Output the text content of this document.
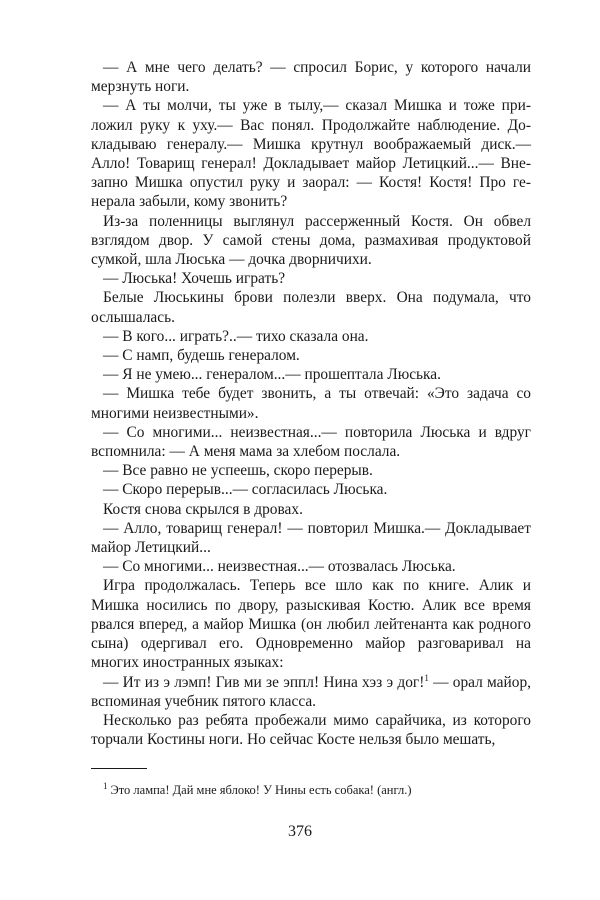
— А мне чего делать? — спросил Борис, у которого начали мерзнуть ноги.

— А ты молчи, ты уже в тылу,— сказал Мишка и тоже приложил руку к уху.— Вас понял. Продолжайте наблюдение. Докладываю генералу.— Мишка крутнул воображаемый диск.— Алло! Товарищ генерал! Докладывает майор Летицкий...— Внезапно Мишка опустил руку и заорал: — Костя! Костя! Про генерала забыли, кому звонить?

Из-за поленницы выглянул рассерженный Костя. Он обвел взглядом двор. У самой стены дома, размахивая продуктовой сумкой, шла Люська — дочка дворничихи.

— Люська! Хочешь играть?

Белые Люськины брови полезли вверх. Она подумала, что ослышалась.

— В кого... играть?..— тихо сказала она.

— С намп, будешь генералом.

— Я не умею... генералом...— прошептала Люська.

— Мишка тебе будет звонить, а ты отвечай: «Это задача со многими неизвестными».

— Со многими... неизвестная...— повторила Люська и вдруг вспомнила: — А меня мама за хлебом послала.

— Все равно не успеешь, скоро перерыв.

— Скоро перерыв...— согласилась Люська.

Костя снова скрылся в дровах.

— Алло, товарищ генерал! — повторил Мишка.— Докладывает майор Летицкий...

— Со многими... неизвестная...— отозвалась Люська.

Игра продолжалась. Теперь все шло как по книге. Алик и Мишка носились по двору, разыскивая Костю. Алик все время рвался вперед, а майор Мишка (он любил лейтенанта как родного сына) одергивал его. Одновременно майор разговаривал на многих иностранных языках:

— Ит из э лэмп! Гив ми зе эппл! Нина хэз э дог!$^1$ — орал майор, вспоминая учебник пятого класса.

Несколько раз ребята пробежали мимо сарайчика, из которого торчали Костины ноги. Но сейчас Косте нельзя было мешать,

$^1$ Это лампа! Дай мне яблоко! У Нины есть собака! (англ.)
376
